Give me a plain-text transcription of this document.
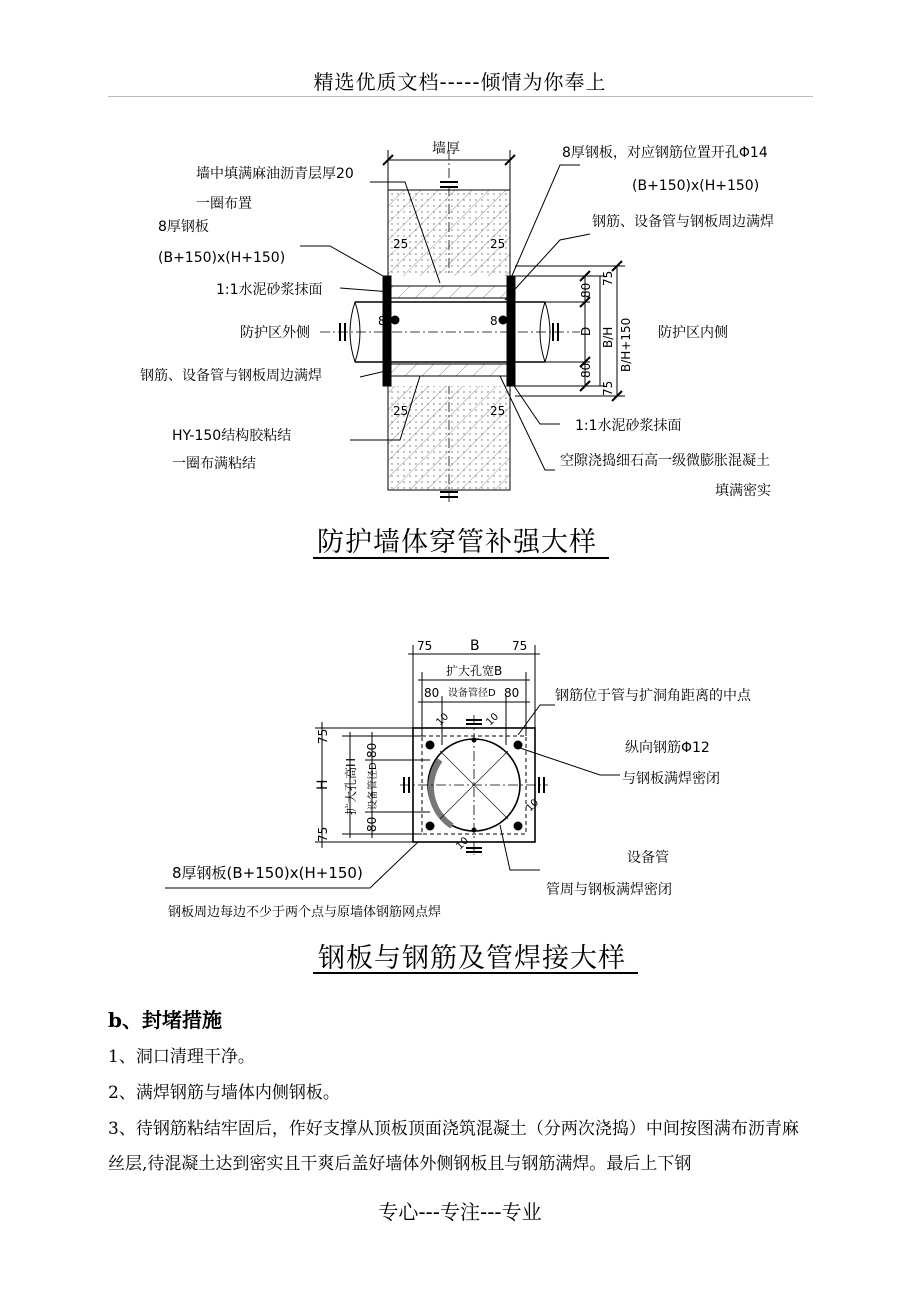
精选优质文档-----倾情为你奉上
墙厚
墙中填满麻油沥青层厚20
一圈布置
8厚钢板
(B+150)x(H+150)
1:1水泥砂浆抹面
防护区外侧
钢筋、设备管与钢板周边满焊
HY-150结构胶粘结
一圈布满粘结
8厚钢板，对应钢筋位置开孔Φ14
(B+150)x(H+150)
钢筋、设备管与钢板周边满焊
防护区内侧
1:1水泥砂浆抹面
空隙浇捣细石高一级微膨胀混凝土
填满密实
25	25
25	25
8	8
80
80
D B/H B/H+150
75
75
75	B	75
扩大孔宽B
80 设备管径D 80
75
H
75
扩大孔高H
80
设备管径D
80
10	10
10
10
钢筋位于管与扩洞角距离的中点
纵向钢筋Φ12
与钢板满焊密闭
设备管
管周与钢板满焊密闭
8厚钢板(B+150)x(H+150)
钢板周边每边不少于两个点与原墙体钢筋网点焊
防护墙体穿管补强大样
钢板与钢筋及管焊接大样
b、封堵措施
1、洞口清理干净。
2、满焊钢筋与墙体内侧钢板。
3、待钢筋粘结牢固后，作好支撑从顶板顶面浇筑混凝土（分两次浇捣）中间按图满布沥青麻丝层,待混凝土达到密实且干爽后盖好墙体外侧钢板且与钢筋满焊。最后上下钢
专心---专注---专业
